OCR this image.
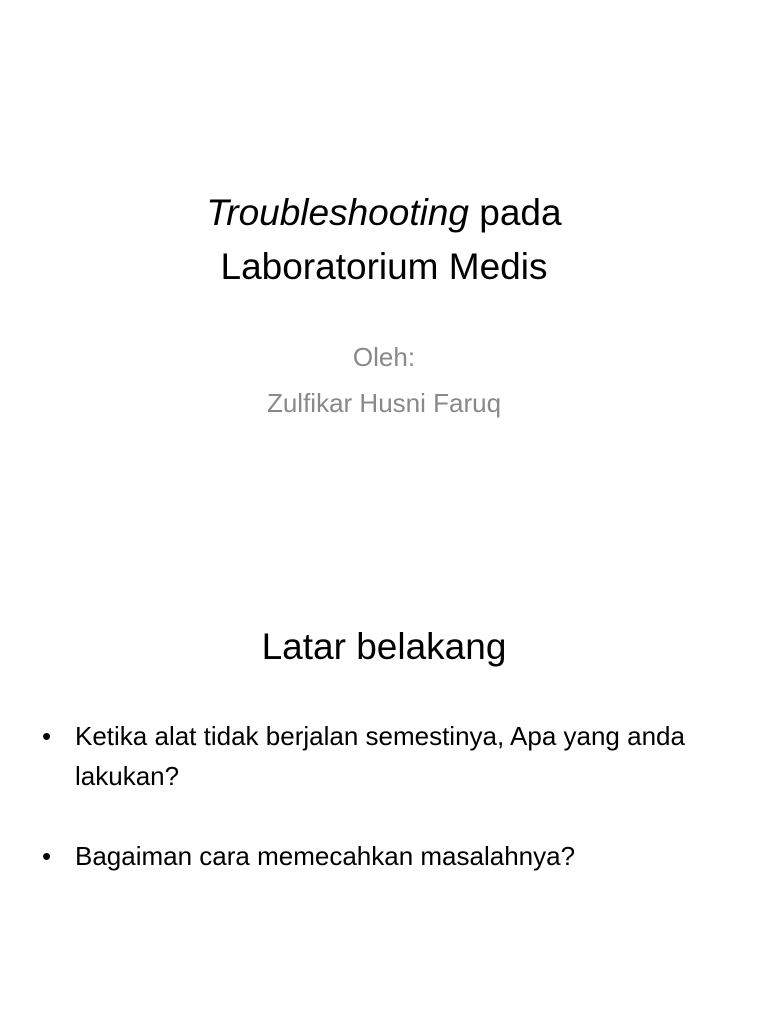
Troubleshooting pada
Laboratorium Medis
Oleh:
Zulfikar Husni Faruq
Latar belakang
• Ketika alat tidak berjalan semestinya, Apa yang anda lakukan?
• Bagaiman cara memecahkan masalahnya?
